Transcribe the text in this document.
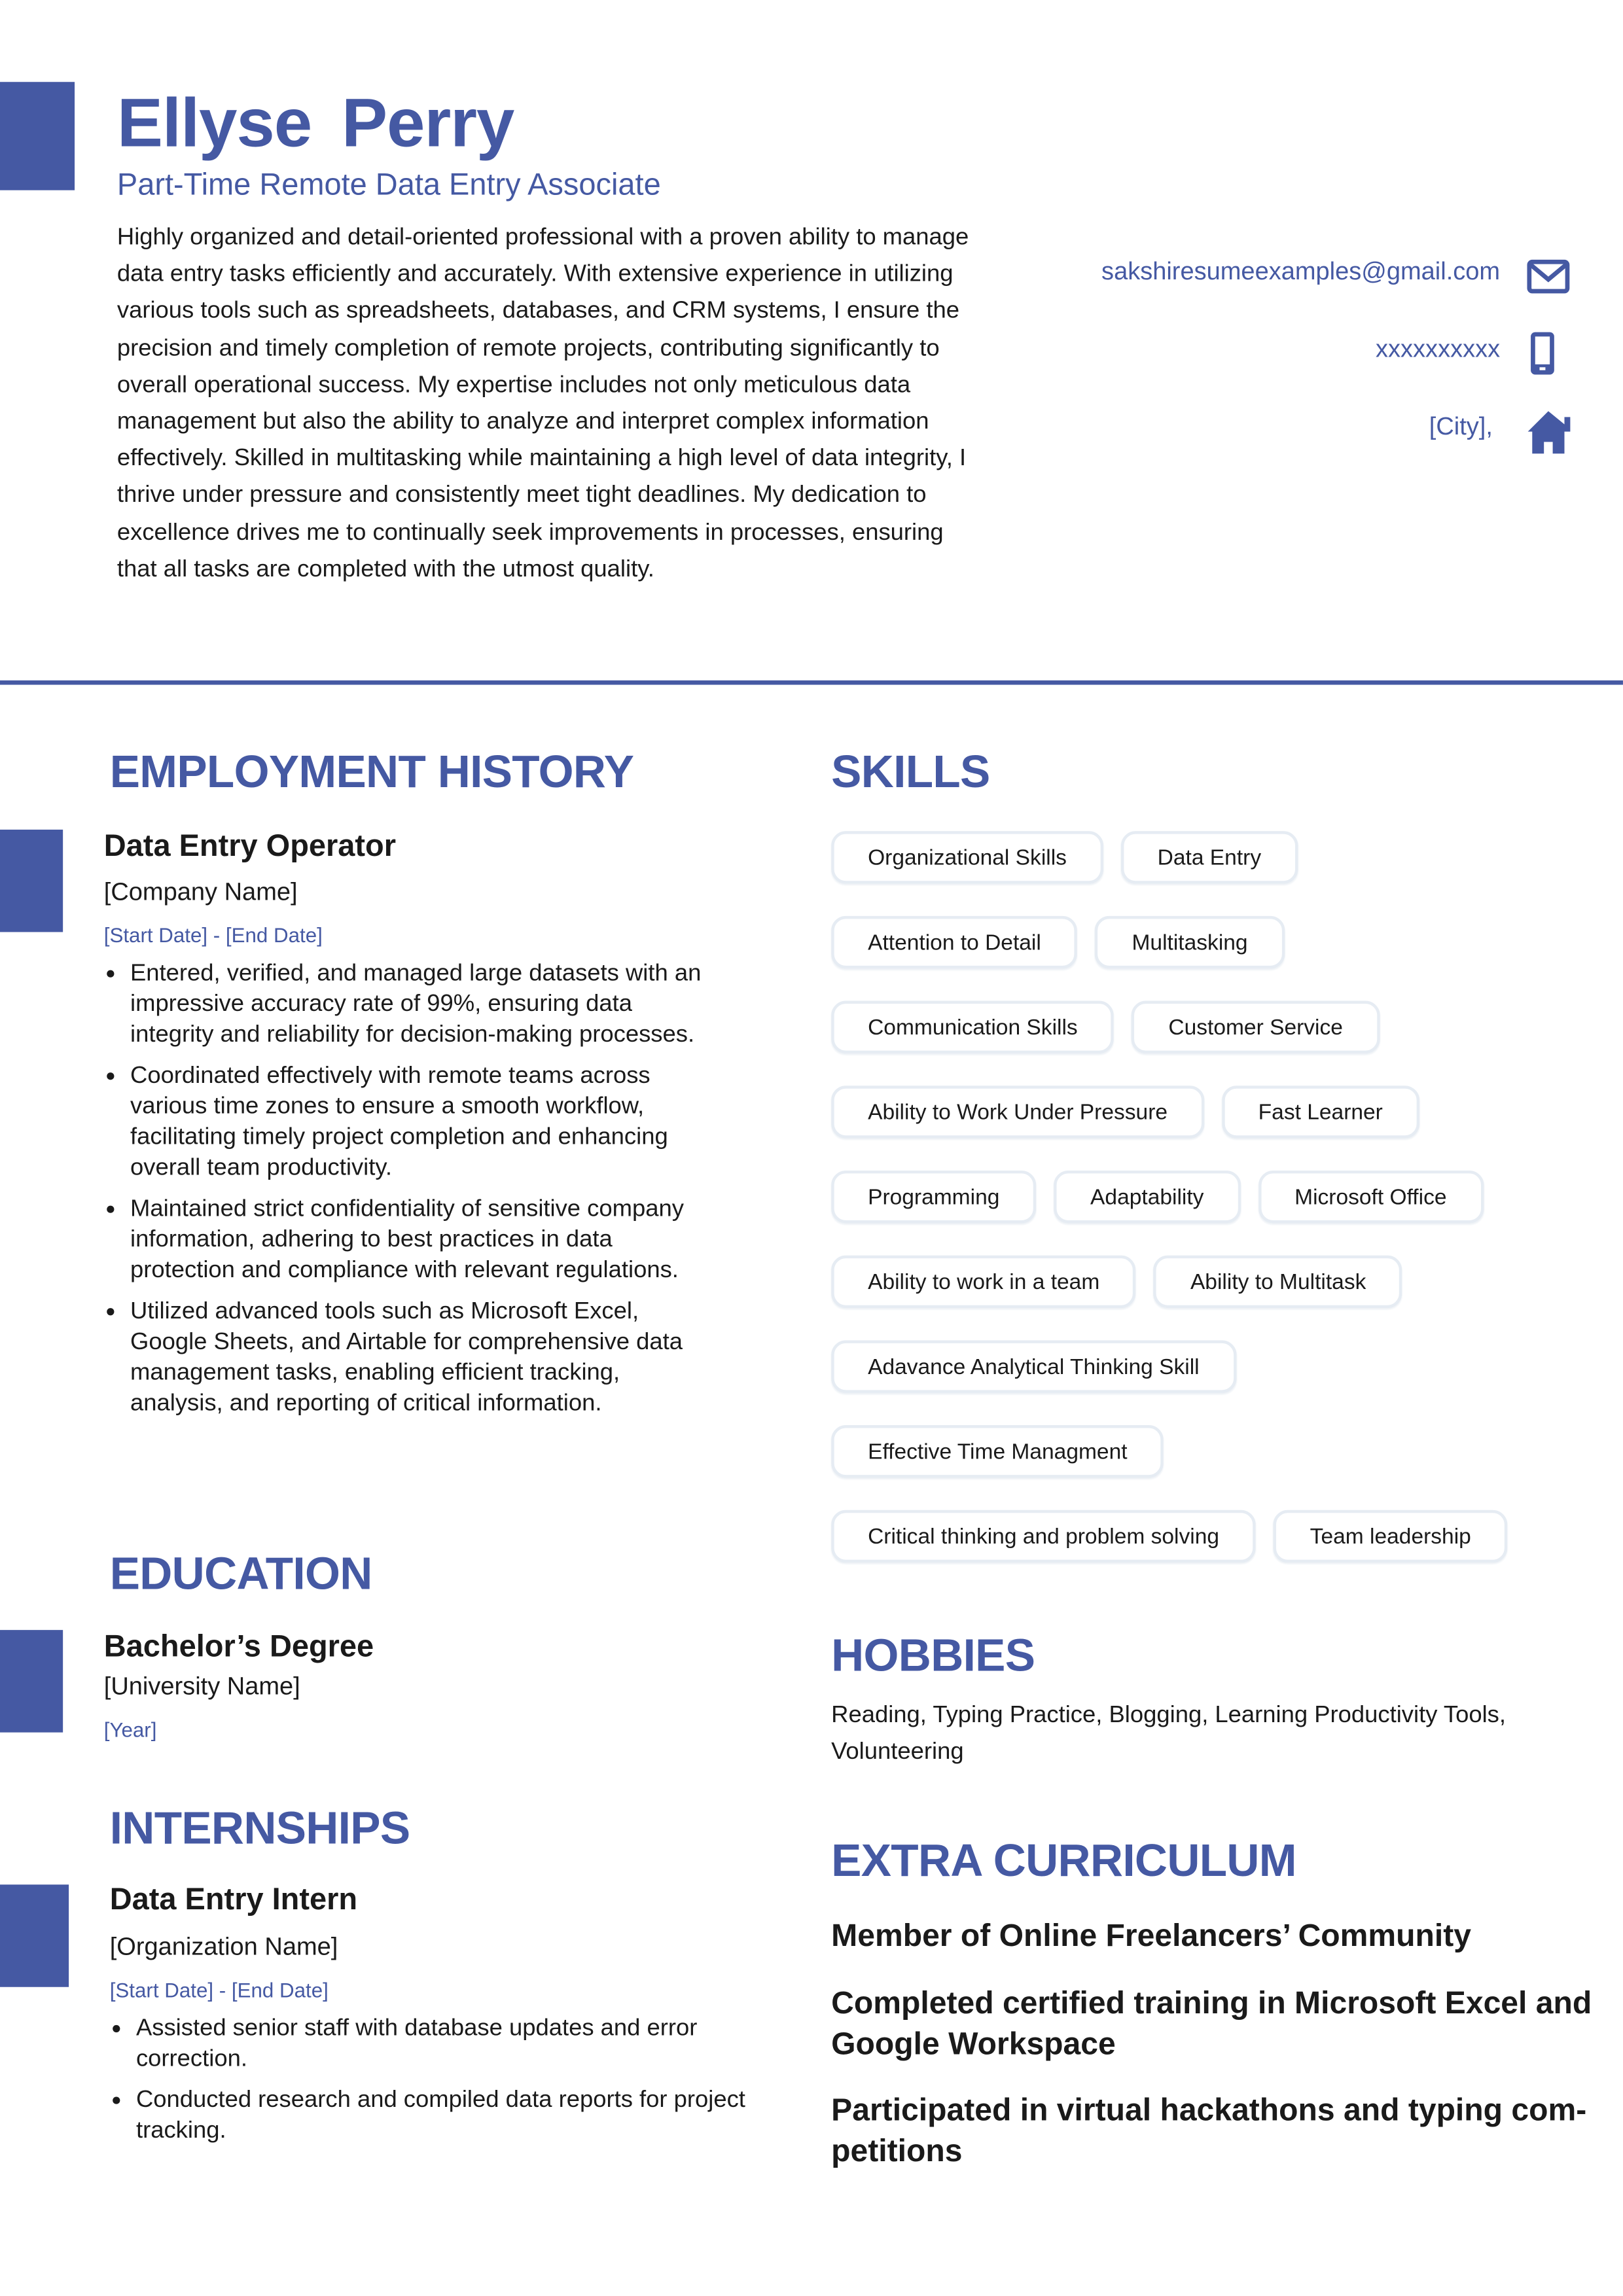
Ellyse Perry
Part-Time Remote Data Entry Associate
Highly organized and detail-oriented professional with a proven ability to manage data entry tasks efficiently and accurately. With extensive experience in utilizing various tools such as spreadsheets, databases, and CRM systems, I ensure the precision and timely completion of remote projects, contributing significantly to overall operational success. My expertise includes not only meticulous data management but also the ability to analyze and interpret complex information effectively. Skilled in multitasking while maintaining a high level of data integrity, I thrive under pressure and consistently meet tight deadlines. My dedication to excellence drives me to continually seek improvements in processes, ensuring that all tasks are completed with the utmost quality.
sakshiresumeexamples@gmail.com
xxxxxxxxxx
[City],
EMPLOYMENT HISTORY
Data Entry Operator
[Company Name]
[Start Date] - [End Date]
• Entered, verified, and managed large datasets with an impressive accuracy rate of 99%, ensuring data integrity and reliability for decision-making processes.
• Coordinated effectively with remote teams across various time zones to ensure a smooth workflow, facilitating timely project completion and enhancing overall team productivity.
• Maintained strict confidentiality of sensitive company information, adhering to best practices in data protection and compliance with relevant regulations.
• Utilized advanced tools such as Microsoft Excel, Google Sheets, and Airtable for comprehensive data management tasks, enabling efficient tracking, analysis, and reporting of critical information.
EDUCATION
Bachelor’s Degree
[University Name]
[Year]
INTERNSHIPS
Data Entry Intern
[Organization Name]
[Start Date] - [End Date]
• Assisted senior staff with database updates and error correction.
• Conducted research and compiled data reports for project tracking.
SKILLS
Organizational Skills	Data Entry
Attention to Detail	Multitasking
Communication Skills	Customer Service
Ability to Work Under Pressure	Fast Learner
Programming	Adaptability	Microsoft Office
Ability to work in a team	Ability to Multitask
Adavance Analytical Thinking Skill
Effective Time Managment
Critical thinking and problem solving	Team leadership
HOBBIES
Reading, Typing Practice, Blogging, Learning Productivity Tools, Volunteering
EXTRA CURRICULUM
Member of Online Freelancers’ Community
Completed certified training in Microsoft Excel and Google Workspace
Participated in virtual hackathons and typing com-petitions
